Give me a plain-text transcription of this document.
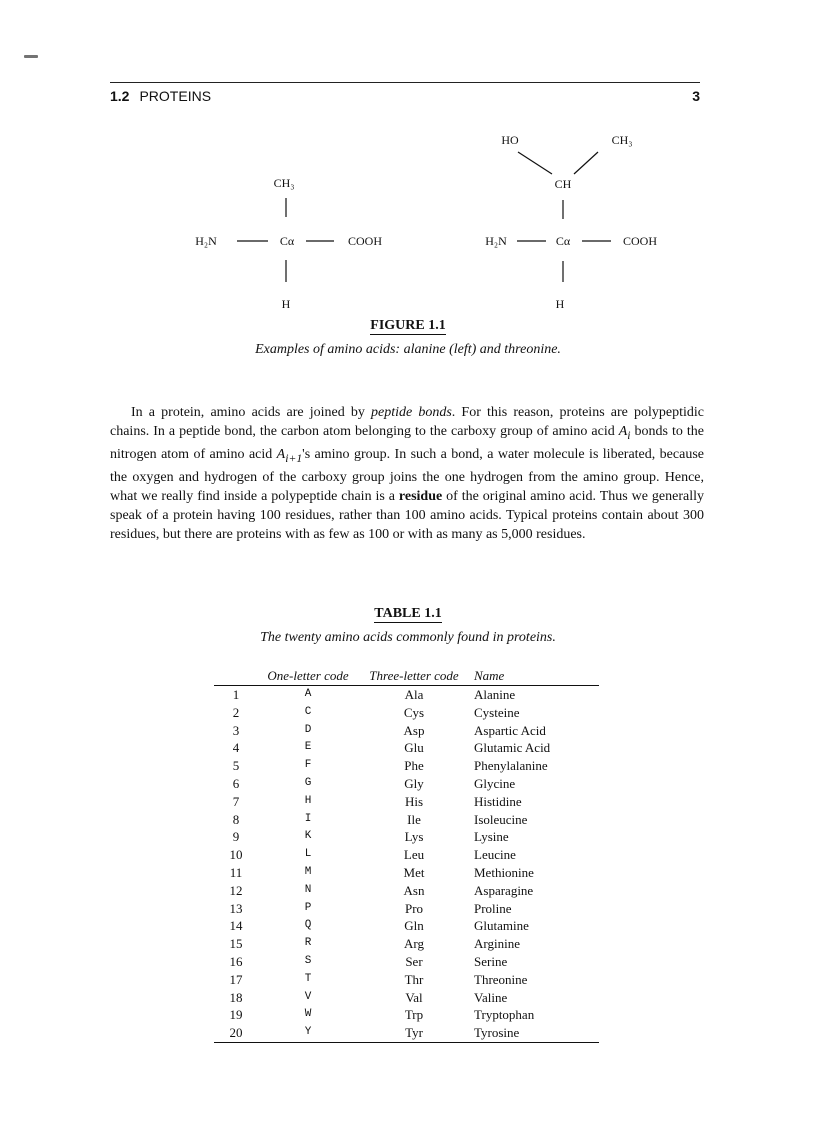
1.2 PROTEINS	3
CH₃
H₂N	Cα	COOH
H
HO	CH₃
CH
H₂N	Cα	COOH
H
FIGURE 1.1
Examples of amino acids: alanine (left) and threonine.

  In a protein, amino acids are joined by peptide bonds. For this reason, proteins are polypeptidic chains. In a peptide bond, the carbon atom belonging to the carboxy group of amino acid $A_i$ bonds to the nitrogen atom of amino acid $A_{i+1}'s$ amino group. In such a bond, a water molecule is liberated, because the oxygen and hydrogen of the carboxy group joins the one hydrogen from the amino group. Hence, what we really find inside a polypeptide chain is a residue of the original amino acid. Thus we generally speak of a protein having 100 residues, rather than 100 amino acids. Typical proteins contain about 300 residues, but there are proteins with as few as 100 or with as many as 5,000 residues.

TABLE 1.1
The twenty amino acids commonly found in proteins.
	One-letter code	Three-letter code	Name
1	A	Ala	Alanine
2	C	Cys	Cysteine
3	D	Asp	Aspartic Acid
4	E	Glu	Glutamic Acid
5	F	Phe	Phenylalanine
6	G	Gly	Glycine
7	H	His	Histidine
8	I	Ile	Isoleucine
9	K	Lys	Lysine
10	L	Leu	Leucine
11	M	Met	Methionine
12	N	Asn	Asparagine
13	P	Pro	Proline
14	Q	Gln	Glutamine
15	R	Arg	Arginine
16	S	Ser	Serine
17	T	Thr	Threonine
18	V	Val	Valine
19	W	Trp	Tryptophan
20	Y	Tyr	Tyrosine
